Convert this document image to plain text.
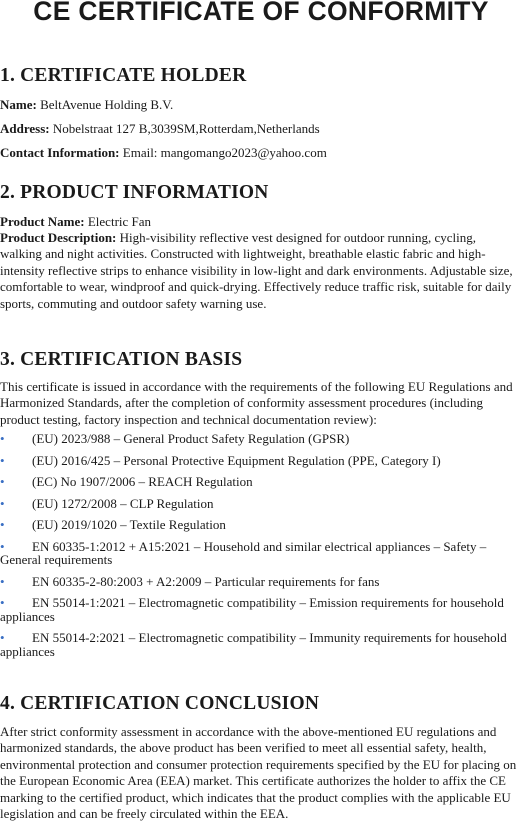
CE CERTIFICATE OF CONFORMITY
1. CERTIFICATE HOLDER

Name: BeltAvenue Holding B.V.

Address: Nobelstraat 127 B,3039SM,Rotterdam,Netherlands

Contact Information: Email: mangomango2023@yahoo.com

2. PRODUCT INFORMATION

Product Name: Electric Fan

Product Description: High-visibility reflective vest designed for outdoor running, cycling, walking and night activities. Constructed with lightweight, breathable elastic fabric and high-intensity reflective strips to enhance visibility in low-light and dark environments. Adjustable size, comfortable to wear, windproof and quick-drying. Effectively reduce traffic risk, suitable for daily sports, commuting and outdoor safety warning use.

3. CERTIFICATION BASIS

This certificate is issued in accordance with the requirements of the following EU Regulations and Harmonized Standards, after the completion of conformity assessment procedures (including product testing, factory inspection and technical documentation review):

• (EU) 2023/988 – General Product Safety Regulation (GPSR)
• (EU) 2016/425 – Personal Protective Equipment Regulation (PPE, Category I)
• (EC) No 1907/2006 – REACH Regulation
• (EU) 1272/2008 – CLP Regulation
• (EU) 2019/1020 – Textile Regulation
• EN 60335-1:2012 + A15:2021 – Household and similar electrical appliances – Safety – General requirements
• EN 60335-2-80:2003 + A2:2009 – Particular requirements for fans
• EN 55014-1:2021 – Electromagnetic compatibility – Emission requirements for household appliances
• EN 55014-2:2021 – Electromagnetic compatibility – Immunity requirements for household appliances
4. CERTIFICATION CONCLUSION

After strict conformity assessment in accordance with the above-mentioned EU regulations and harmonized standards, the above product has been verified to meet all essential safety, health, environmental protection and consumer protection requirements specified by the EU for placing on the European Economic Area (EEA) market. This certificate authorizes the holder to affix the CE marking to the certified product, which indicates that the product complies with the applicable EU legislation and can be freely circulated within the EEA.
